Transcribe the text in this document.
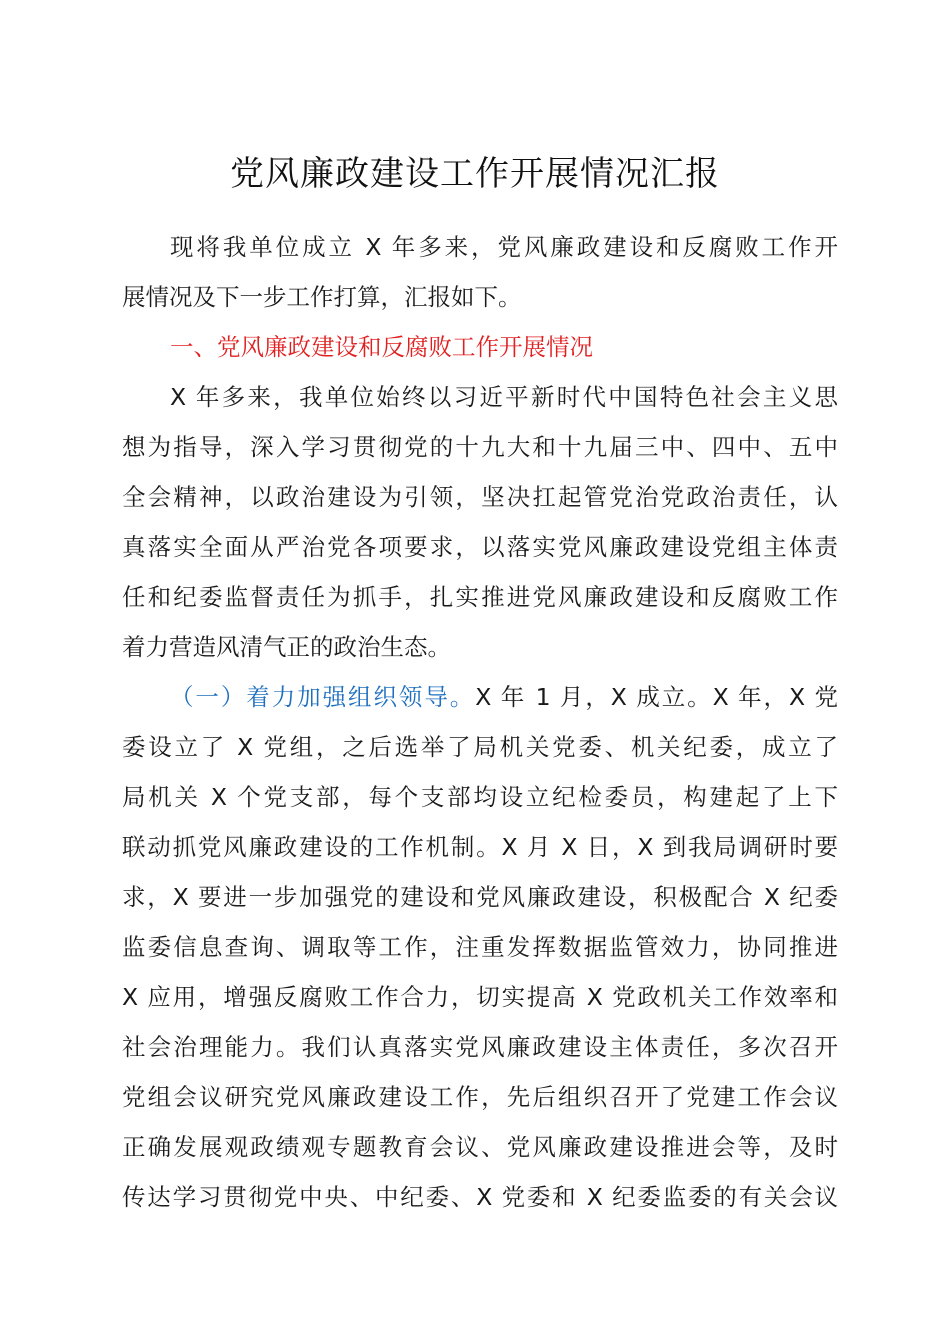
党风廉政建设工作开展情况汇报
现将我单位成立 X 年多来，党风廉政建设和反腐败工作开
展情况及下一步工作打算，汇报如下。
一、党风廉政建设和反腐败工作开展情况
X 年多来，我单位始终以习近平新时代中国特色社会主义思
想为指导，深入学习贯彻党的十九大和十九届三中、四中、五中
全会精神，以政治建设为引领，坚决扛起管党治党政治责任，认
真落实全面从严治党各项要求，以落实党风廉政建设党组主体责
任和纪委监督责任为抓手，扎实推进党风廉政建设和反腐败工作
着力营造风清气正的政治生态。
（一）着力加强组织领导。X 年 1 月，X 成立。X 年，X 党
委设立了 X 党组，之后选举了局机关党委、机关纪委，成立了
局机关 X 个党支部，每个支部均设立纪检委员，构建起了上下
联动抓党风廉政建设的工作机制。X 月 X 日，X 到我局调研时要
求，X 要进一步加强党的建设和党风廉政建设，积极配合 X 纪委
监委信息查询、调取等工作，注重发挥数据监管效力，协同推进
X 应用，增强反腐败工作合力，切实提高 X 党政机关工作效率和
社会治理能力。我们认真落实党风廉政建设主体责任，多次召开
党组会议研究党风廉政建设工作，先后组织召开了党建工作会议
正确发展观政绩观专题教育会议、党风廉政建设推进会等，及时
传达学习贯彻党中央、中纪委、X 党委和 X 纪委监委的有关会议
